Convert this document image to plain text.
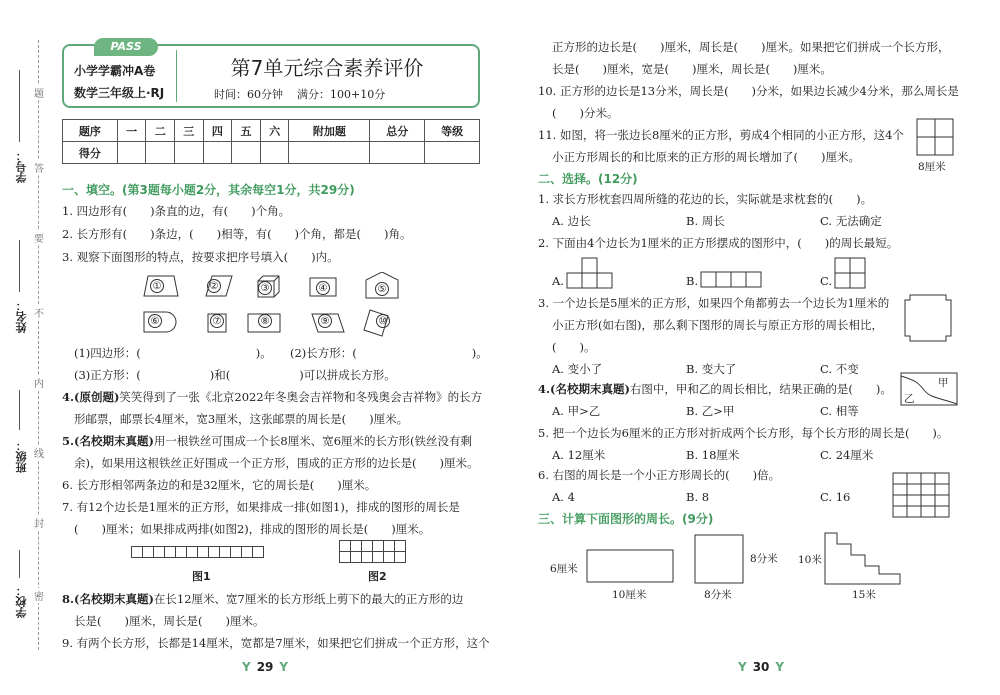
学校：
班级：
姓名：
学号：
密
封
线
内
不
要
答
题
PASS
小学学霸冲A卷
数学三年级上·RJ
第7单元综合素养评价
时间：60分钟 满分：100+10分
题序	一	二	三	四	五	六	附加题	总分	等级
得分									
一、填空。(第3题每小题2分，其余每空1分，共29分)
1. 四边形有(　　)条直的边，有(　　)个角。
2. 长方形有(　　)条边，(　　)相等，有(　　)个角，都是(　　)角。
3. 观察下面图形的特点，按要求把序号填入(　　)内。
①	②	③	④	⑤
⑥	⑦	⑧	⑨	⑩
(1)四边形：(　　　　　　　　　　)。 (2)长方形：(　　　　　　　　　　)。
(3)正方形：(　　　　　　)和(　　　　　　)可以拼成长方形。
4.(原创题)笑笑得到了一张《北京2022年冬奥会吉祥物和冬残奥会吉祥物》的长方
形邮票，邮票长4厘米，宽3厘米，这张邮票的周长是(　　)厘米。
5.(名校期末真题)用一根铁丝可围成一个长8厘米、宽6厘米的长方形(铁丝没有剩
余)，如果用这根铁丝正好围成一个正方形，围成的正方形的边长是(　　)厘米。
6. 长方形相邻两条边的和是32厘米，它的周长是(　　)厘米。
7. 有12个边长是1厘米的正方形，如果排成一排(如图1)，排成的图形的周长是
(　　)厘米；如果排成两排(如图2)，排成的图形的周长是(　　)厘米。
图1	图2
8.(名校期末真题)在长12厘米、宽7厘米的长方形纸上剪下的最大的正方形的边
长是(　　)厘米，周长是(　　)厘米。
9. 有两个长方形，长都是14厘米，宽都是7厘米，如果把它们拼成一个正方形，这个
Y 29 Y
正方形的边长是(　　)厘米，周长是(　　)厘米。如果把它们拼成一个长方形，
长是(　　)厘米，宽是(　　)厘米，周长是(　　)厘米。
10. 正方形的边长是13分米，周长是(　　)分米，如果边长减少4分米，那么周长是
(　　)分米。
11. 如图，将一张边长8厘米的正方形，剪成4个相同的小正方形，这4个
小正方形周长的和比原来的正方形的周长增加了(　　)厘米。
8厘米
二、选择。(12分)
1. 求长方形枕套四周所缝的花边的长，实际就是求枕套的(　　)。
A. 边长	B. 周长	C. 无法确定
2. 下面由4个边长为1厘米的正方形摆成的图形中，(　　)的周长最短。
A.	B.	C.
3. 一个边长是5厘米的正方形，如果四个角都剪去一个边长为1厘米的
小正方形(如右图)，那么剩下图形的周长与原正方形的周长相比，
(　　)。
A. 变小了	B. 变大了	C. 不变
4.(名校期末真题)右图中，甲和乙的周长相比，结果正确的是(　　)。	甲
乙
A. 甲>乙	B. 乙>甲	C. 相等
5. 把一个边长为6厘米的正方形对折成两个长方形，每个长方形的周长是(　　)。
A. 12厘米	B. 18厘米	C. 24厘米
6. 右图的周长是一个小正方形周长的(　　)倍。
A. 4	B. 8	C. 16
三、计算下面图形的周长。(9分)
6厘米
10厘米
8分米
8分米
10米
15米
Y 30 Y
